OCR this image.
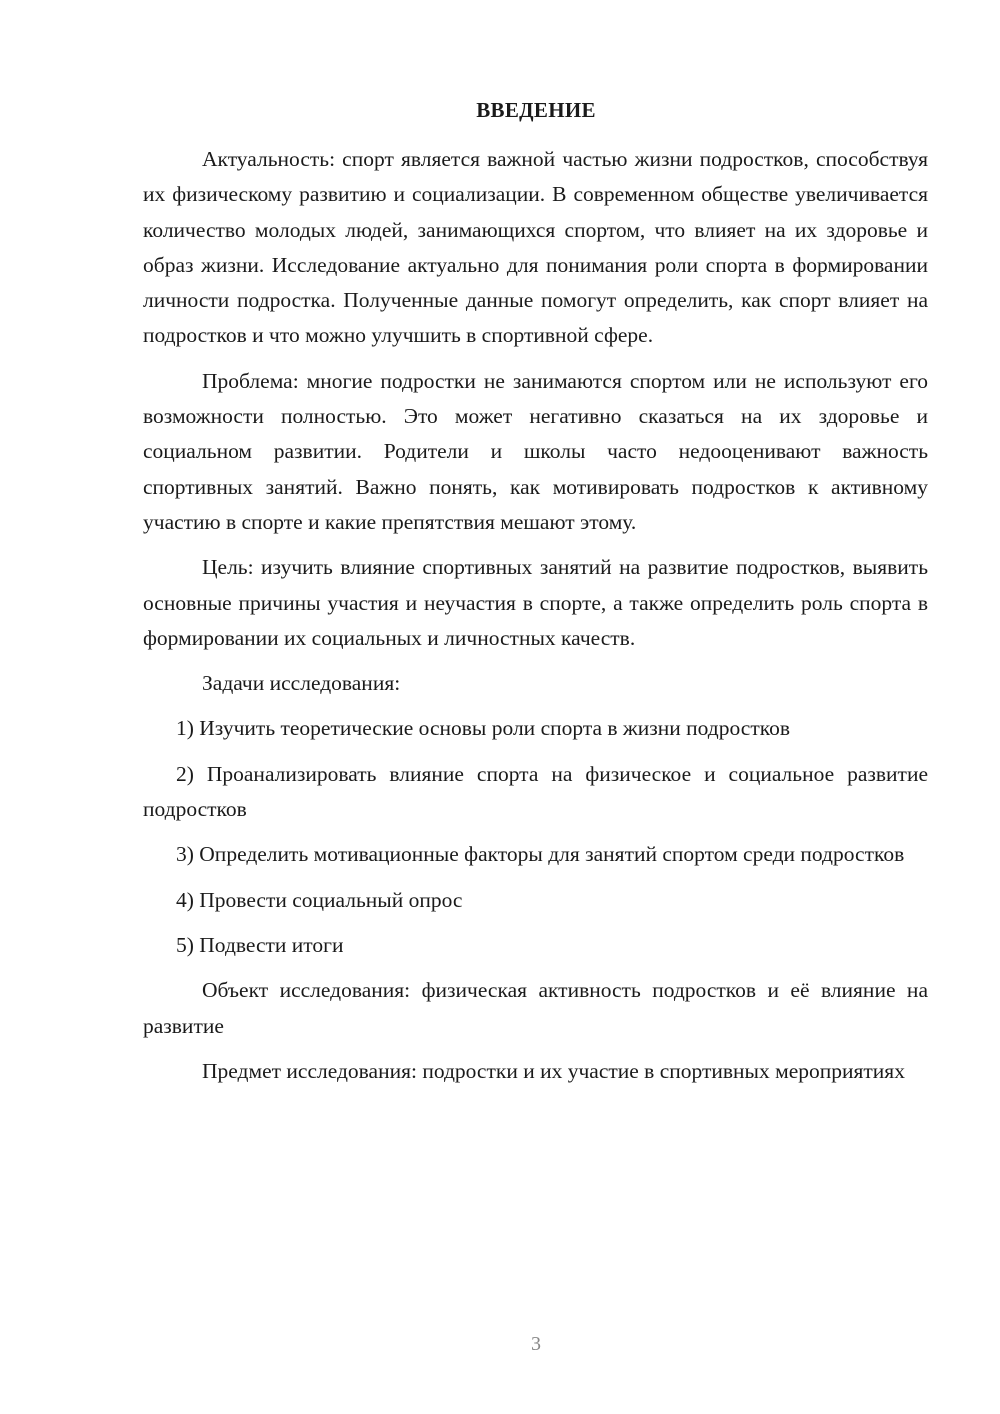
ВВЕДЕНИЕ

Актуальность: спорт является важной частью жизни подростков, способствуя их физическому развитию и социализации. В современном обществе увеличивается количество молодых людей, занимающихся спортом, что влияет на их здоровье и образ жизни. Исследование актуально для понимания роли спорта в формировании личности подростка. Полученные данные помогут определить, как спорт влияет на подростков и что можно улучшить в спортивной сфере.

Проблема: многие подростки не занимаются спортом или не используют его возможности полностью. Это может негативно сказаться на их здоровье и социальном развитии. Родители и школы часто недооценивают важность спортивных занятий. Важно понять, как мотивировать подростков к активному участию в спорте и какие препятствия мешают этому.

Цель: изучить влияние спортивных занятий на развитие подростков, выявить основные причины участия и неучастия в спорте, а также определить роль спорта в формировании их социальных и личностных качеств.

Задачи исследования:

1) Изучить теоретические основы роли спорта в жизни подростков

2) Проанализировать влияние спорта на физическое и социальное развитие подростков

3) Определить мотивационные факторы для занятий спортом среди подростков

4) Провести социальный опрос

5) Подвести итоги

Объект исследования: физическая активность подростков и её влияние на развитие

Предмет исследования: подростки и их участие в спортивных мероприятиях

3
